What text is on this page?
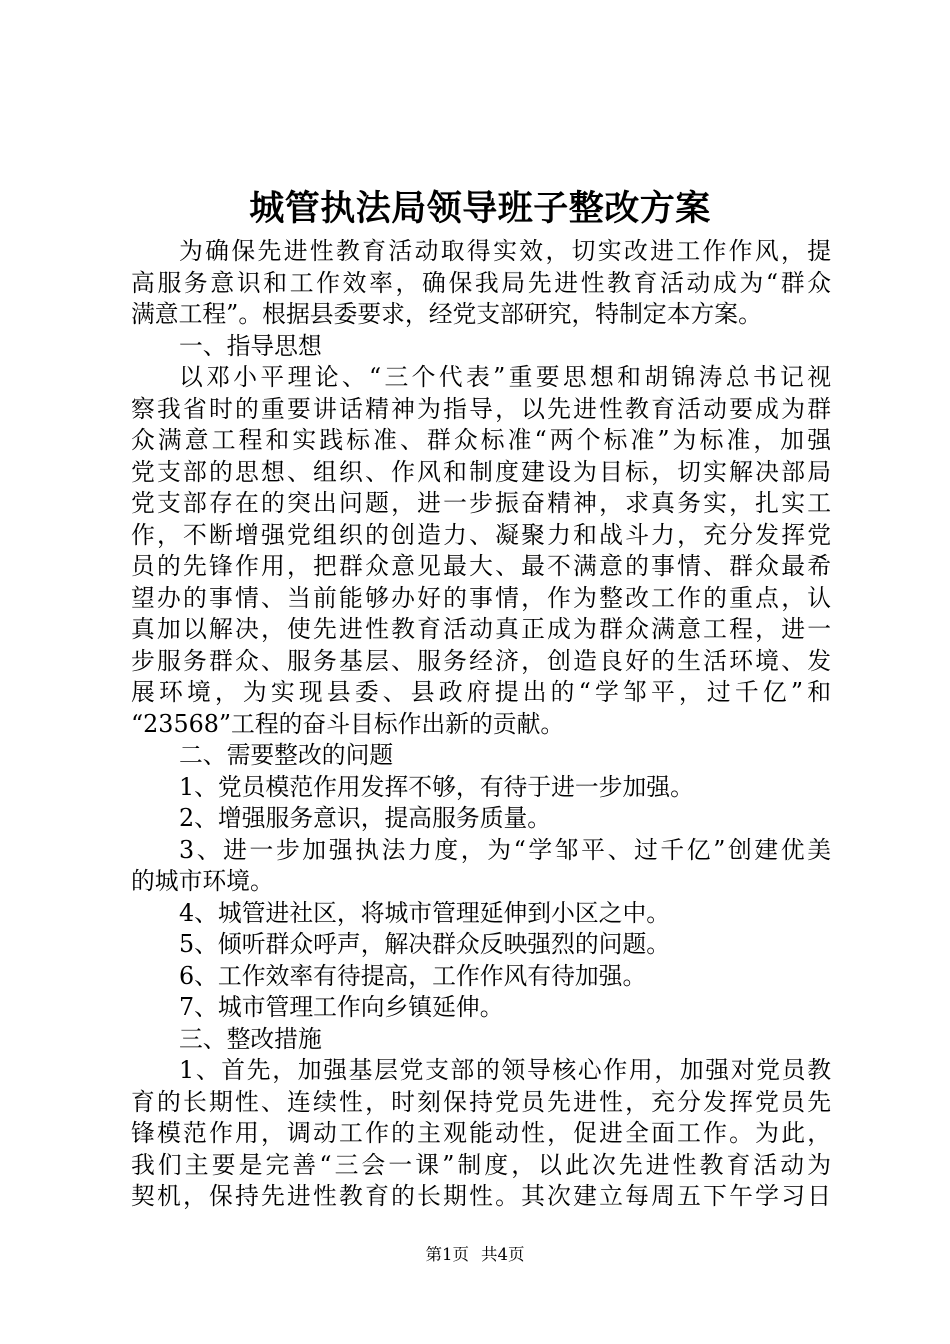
城管执法局领导班子整改方案
为确保先进性教育活动取得实效，切实改进工作作风，提
高服务意识和工作效率，确保我局先进性教育活动成为“群众
满意工程”。根据县委要求，经党支部研究，特制定本方案。
一、指导思想
以邓小平理论、“三个代表”重要思想和胡锦涛总书记视
察我省时的重要讲话精神为指导，以先进性教育活动要成为群
众满意工程和实践标准、群众标准“两个标准”为标准，加强
党支部的思想、组织、作风和制度建设为目标，切实解决部局
党支部存在的突出问题，进一步振奋精神，求真务实，扎实工
作，不断增强党组织的创造力、凝聚力和战斗力，充分发挥党
员的先锋作用，把群众意见最大、最不满意的事情、群众最希
望办的事情、当前能够办好的事情，作为整改工作的重点，认
真加以解决，使先进性教育活动真正成为群众满意工程，进一
步服务群众、服务基层、服务经济，创造良好的生活环境、发
展环境，为实现县委、县政府提出的“学邹平，过千亿”和
“23568”工程的奋斗目标作出新的贡献。
二、需要整改的问题
1、党员模范作用发挥不够，有待于进一步加强。
2、增强服务意识，提高服务质量。
3、进一步加强执法力度，为“学邹平、过千亿”创建优美
的城市环境。
4、城管进社区，将城市管理延伸到小区之中。
5、倾听群众呼声，解决群众反映强烈的问题。
6、工作效率有待提高，工作作风有待加强。
7、城市管理工作向乡镇延伸。
三、整改措施
1、首先，加强基层党支部的领导核心作用，加强对党员教
育的长期性、连续性，时刻保持党员先进性，充分发挥党员先
锋模范作用，调动工作的主观能动性，促进全面工作。为此，
我们主要是完善“三会一课”制度，以此次先进性教育活动为
契机，保持先进性教育的长期性。其次建立每周五下午学习日
第1页 共4页
